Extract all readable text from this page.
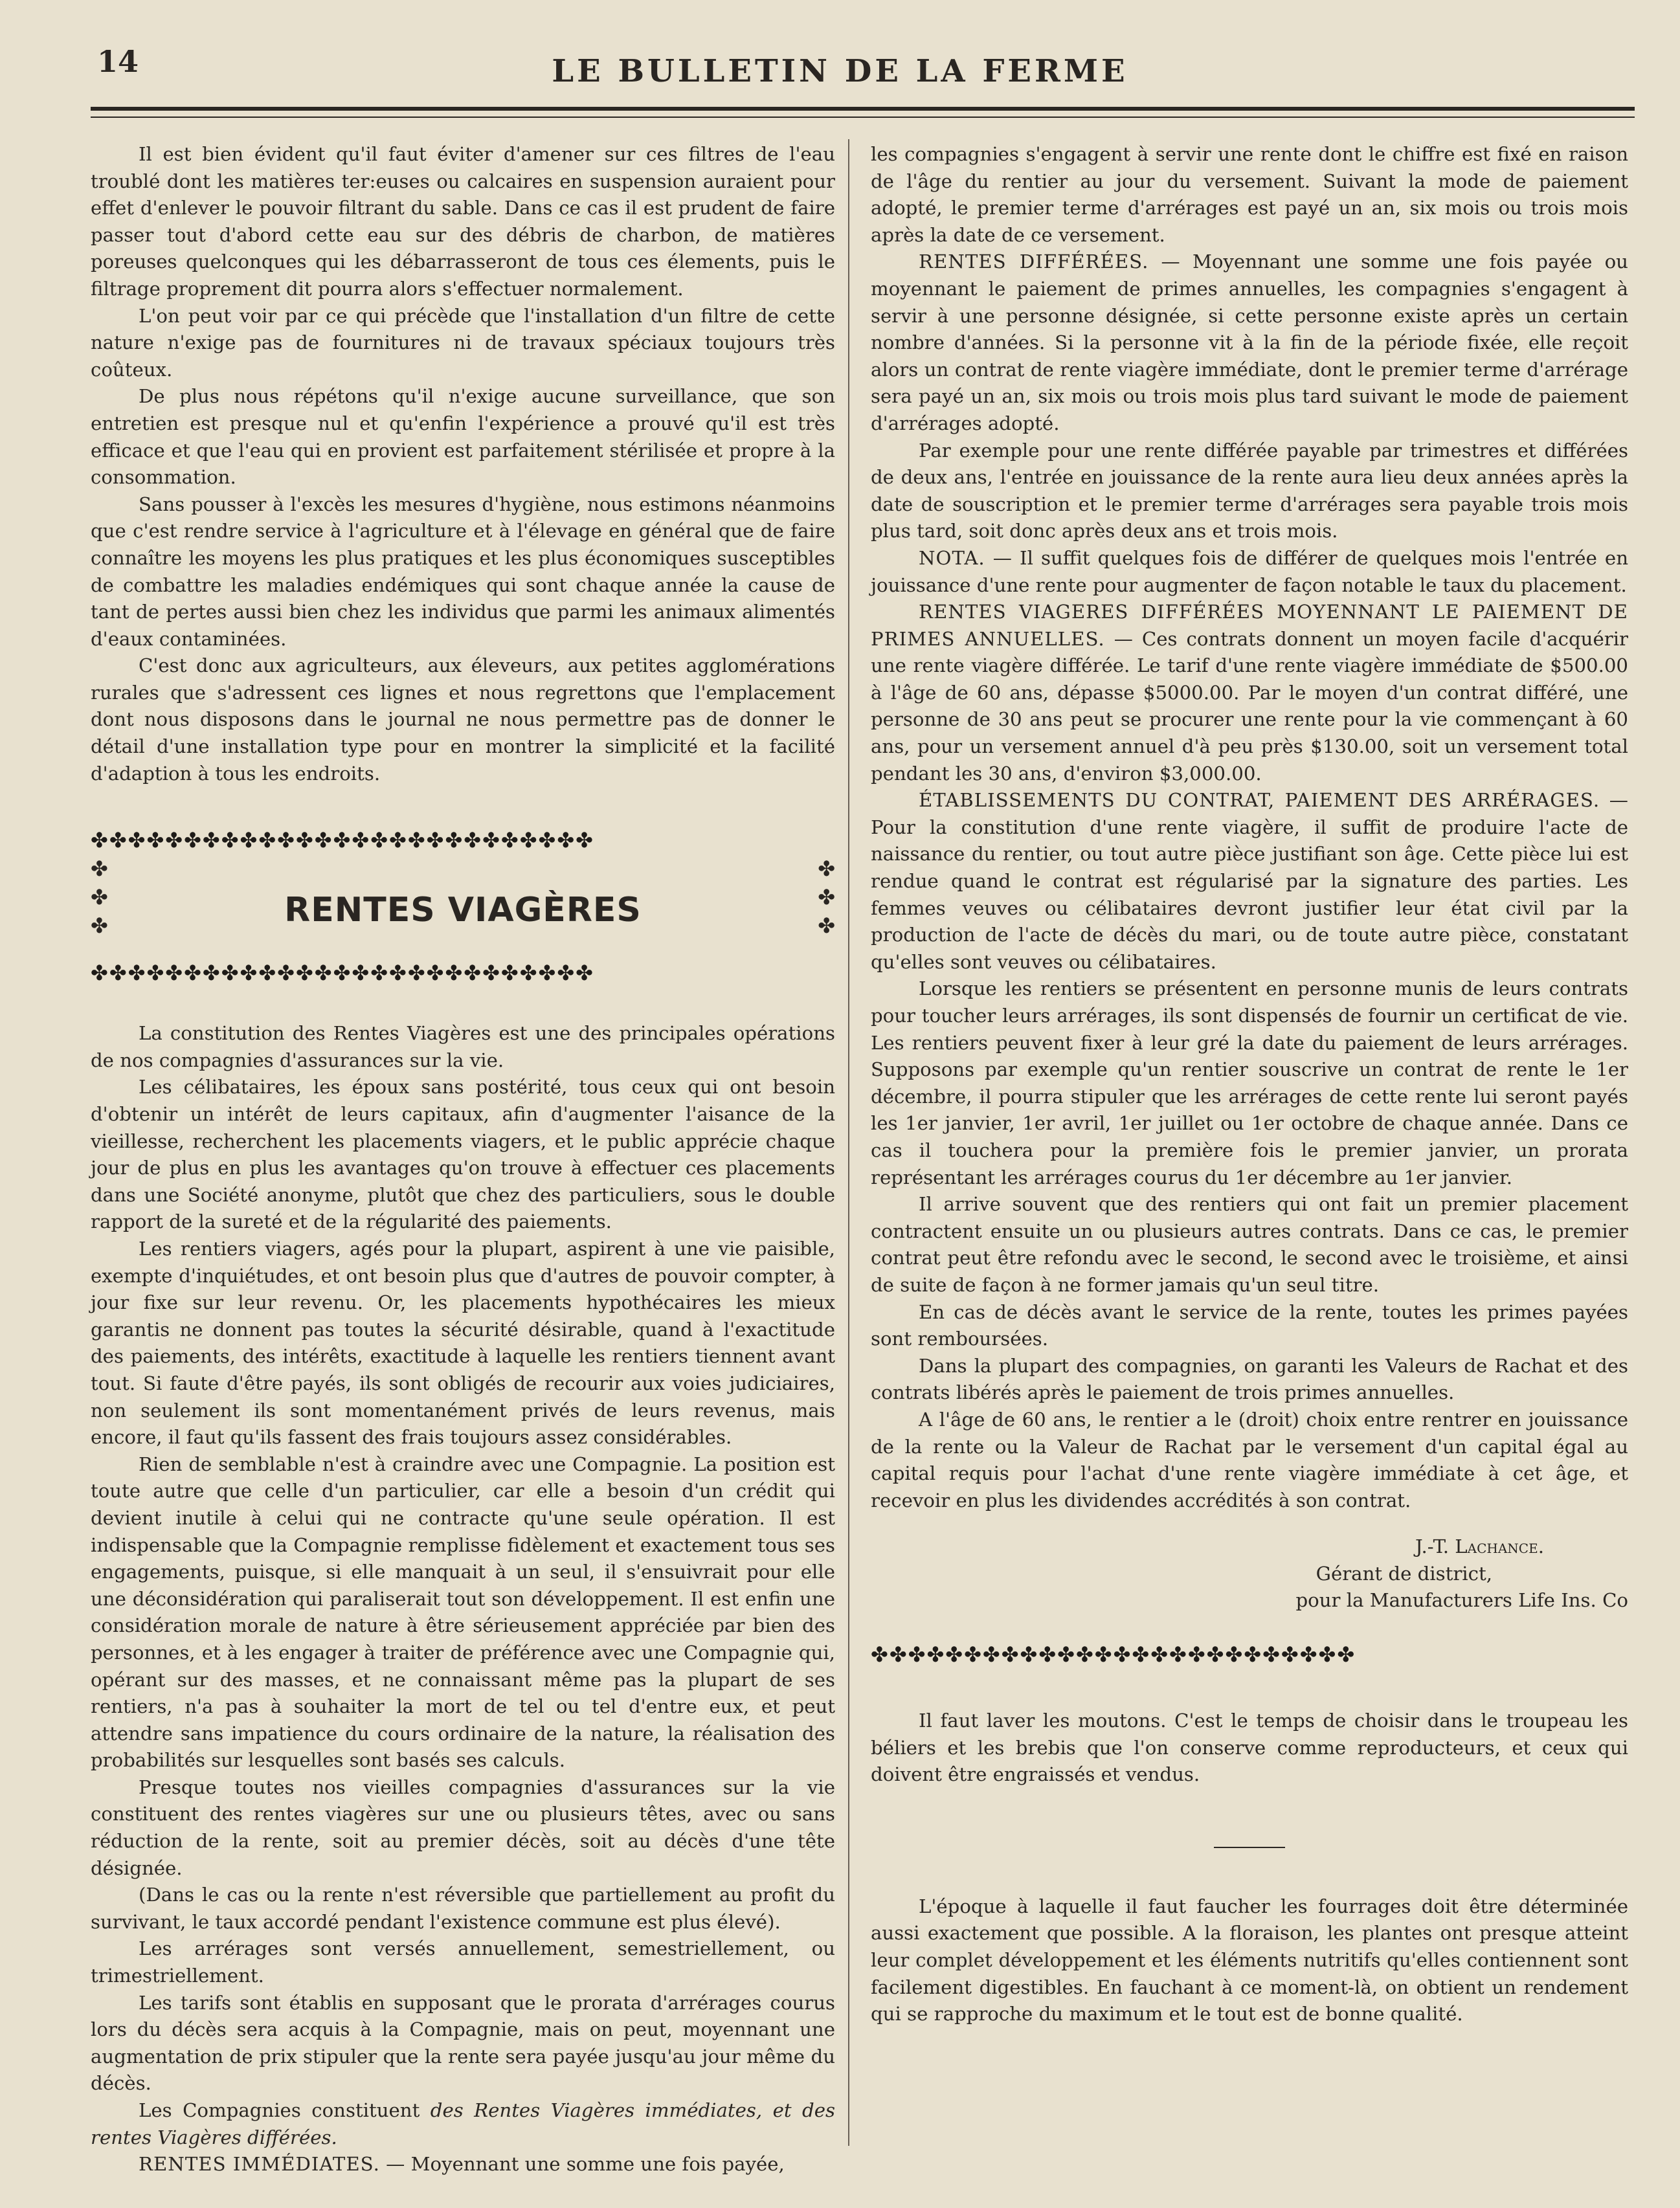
14	LE BULLETIN DE LA FERME

Il est bien évident qu'il faut éviter d'amener sur ces filtres de l'eau troublé dont les matières ter:euses ou calcaires en suspension auraient pour effet d'enlever le pouvoir filtrant du sable. Dans ce cas il est prudent de faire passer tout d'abord cette eau sur des débris de charbon, de matières poreuses quelconques qui les débarrasseront de tous ces élements, puis le filtrage proprement dit pourra alors s'effectuer normalement.

L'on peut voir par ce qui précède que l'installation d'un filtre de cette nature n'exige pas de fournitures ni de travaux spéciaux toujours très coûteux.

De plus nous répétons qu'il n'exige aucune surveillance, que son entretien est presque nul et qu'enfin l'expérience a prouvé qu'il est très efficace et que l'eau qui en provient est parfaitement stérilisée et propre à la consommation.

Sans pousser à l'excès les mesures d'hygiène, nous estimons néanmoins que c'est rendre service à l'agriculture et à l'élevage en général que de faire connaître les moyens les plus pratiques et les plus économiques susceptibles de combattre les maladies endémiques qui sont chaque année la cause de tant de pertes aussi bien chez les individus que parmi les animaux alimentés d'eaux contaminées.

C'est donc aux agriculteurs, aux éleveurs, aux petites agglomérations rurales que s'adressent ces lignes et nous regrettons que l'emplacement dont nous disposons dans le journal ne nous permettre pas de donner le détail d'une installation type pour en montrer la simplicité et la facilité d'adaption à tous les endroits.

✤✤✤✤✤✤✤✤✤✤✤✤✤✤✤✤✤✤✤✤✤✤✤✤✤✤✤
✤
✤
✤
✤
✤
✤
RENTES VIAGÈRES
✤✤✤✤✤✤✤✤✤✤✤✤✤✤✤✤✤✤✤✤✤✤✤✤✤✤✤

La constitution des Rentes Viagères est une des principales opérations de nos compagnies d'assurances sur la vie.

Les célibataires, les époux sans postérité, tous ceux qui ont besoin d'obtenir un intérêt de leurs capitaux, afin d'augmenter l'aisance de la vieillesse, recherchent les placements viagers, et le public apprécie chaque jour de plus en plus les avantages qu'on trouve à effectuer ces placements dans une Société anonyme, plutôt que chez des particuliers, sous le double rapport de la sureté et de la régularité des paiements.

Les rentiers viagers, agés pour la plupart, aspirent à une vie paisible, exempte d'inquiétudes, et ont besoin plus que d'autres de pouvoir compter, à jour fixe sur leur revenu. Or, les placements hypothécaires les mieux garantis ne donnent pas toutes la sécurité désirable, quand à l'exactitude des paiements, des intérêts, exactitude à laquelle les rentiers tiennent avant tout. Si faute d'être payés, ils sont obligés de recourir aux voies judiciaires, non seulement ils sont momentanément privés de leurs revenus, mais encore, il faut qu'ils fassent des frais toujours assez considérables.

Rien de semblable n'est à craindre avec une Compagnie. La position est toute autre que celle d'un particulier, car elle a besoin d'un crédit qui devient inutile à celui qui ne contracte qu'une seule opération. Il est indispensable que la Compagnie remplisse fidèlement et exactement tous ses engagements, puisque, si elle manquait à un seul, il s'ensuivrait pour elle une déconsidération qui paraliserait tout son développement. Il est enfin une considération morale de nature à être sérieusement appréciée par bien des personnes, et à les engager à traiter de préférence avec une Compagnie qui, opérant sur des masses, et ne connaissant même pas la plupart de ses rentiers, n'a pas à souhaiter la mort de tel ou tel d'entre eux, et peut attendre sans impatience du cours ordinaire de la nature, la réalisation des probabilités sur lesquelles sont basés ses calculs.

Presque toutes nos vieilles compagnies d'assurances sur la vie constituent des rentes viagères sur une ou plusieurs têtes, avec ou sans réduction de la rente, soit au premier décès, soit au décès d'une tête désignée.

(Dans le cas ou la rente n'est réversible que partiellement au profit du survivant, le taux accordé pendant l'existence commune est plus élevé).

Les arrérages sont versés annuellement, semestriellement, ou trimestriellement.

Les tarifs sont établis en supposant que le prorata d'arrérages courus lors du décès sera acquis à la Compagnie, mais on peut, moyennant une augmentation de prix stipuler que la rente sera payée jusqu'au jour même du décès.

Les Compagnies constituent des Rentes Viagères immédiates, et des rentes Viagères différées.

RENTES IMMÉDIATES. — Moyennant une somme une fois payée,

les compagnies s'engagent à servir une rente dont le chiffre est fixé en raison de l'âge du rentier au jour du versement. Suivant la mode de paiement adopté, le premier terme d'arrérages est payé un an, six mois ou trois mois après la date de ce versement.

RENTES DIFFÉRÉES. — Moyennant une somme une fois payée ou moyennant le paiement de primes annuelles, les compagnies s'engagent à servir à une personne désignée, si cette personne existe après un certain nombre d'années. Si la personne vit à la fin de la période fixée, elle reçoit alors un contrat de rente viagère immédiate, dont le premier terme d'arrérage sera payé un an, six mois ou trois mois plus tard suivant le mode de paiement d'arrérages adopté.

Par exemple pour une rente différée payable par trimestres et différées de deux ans, l'entrée en jouissance de la rente aura lieu deux années après la date de souscription et le premier terme d'arrérages sera payable trois mois plus tard, soit donc après deux ans et trois mois.

NOTA. — Il suffit quelques fois de différer de quelques mois l'entrée en jouissance d'une rente pour augmenter de façon notable le taux du placement.

RENTES VIAGERES DIFFÉRÉES MOYENNANT LE PAIEMENT DE PRIMES ANNUELLES. — Ces contrats donnent un moyen facile d'acquérir une rente viagère différée. Le tarif d'une rente viagère immédiate de $500.00 à l'âge de 60 ans, dépasse $5000.00. Par le moyen d'un contrat différé, une personne de 30 ans peut se procurer une rente pour la vie commençant à 60 ans, pour un versement annuel d'à peu près $130.00, soit un versement total pendant les 30 ans, d'environ $3,000.00.

ÉTABLISSEMENTS DU CONTRAT, PAIEMENT DES ARRÉRAGES. — Pour la constitution d'une rente viagère, il suffit de produire l'acte de naissance du rentier, ou tout autre pièce justifiant son âge. Cette pièce lui est rendue quand le contrat est régularisé par la signature des parties. Les femmes veuves ou célibataires devront justifier leur état civil par la production de l'acte de décès du mari, ou de toute autre pièce, constatant qu'elles sont veuves ou célibataires.

Lorsque les rentiers se présentent en personne munis de leurs contrats pour toucher leurs arrérages, ils sont dispensés de fournir un certificat de vie. Les rentiers peuvent fixer à leur gré la date du paiement de leurs arrérages. Supposons par exemple qu'un rentier souscrive un contrat de rente le 1er décembre, il pourra stipuler que les arrérages de cette rente lui seront payés les 1er janvier, 1er avril, 1er juillet ou 1er octobre de chaque année. Dans ce cas il touchera pour la première fois le premier janvier, un prorata représentant les arrérages courus du 1er décembre au 1er janvier.

Il arrive souvent que des rentiers qui ont fait un premier placement contractent ensuite un ou plusieurs autres contrats. Dans ce cas, le premier contrat peut être refondu avec le second, le second avec le troisième, et ainsi de suite de façon à ne former jamais qu'un seul titre.

En cas de décès avant le service de la rente, toutes les primes payées sont remboursées.

Dans la plupart des compagnies, on garanti les Valeurs de Rachat et des contrats libérés après le paiement de trois primes annuelles.

A l'âge de 60 ans, le rentier a le (droit) choix entre rentrer en jouissance de la rente ou la Valeur de Rachat par le versement d'un capital égal au capital requis pour l'achat d'une rente viagère immédiate à cet âge, et recevoir en plus les dividendes accrédités à son contrat.

J.-T. Lachance.
Gérant de district,
pour la Manufacturers Life Ins. Co
✤✤✤✤✤✤✤✤✤✤✤✤✤✤✤✤✤✤✤✤✤✤✤✤✤✤

Il faut laver les moutons. C'est le temps de choisir dans le troupeau les béliers et les brebis que l'on conserve comme reproducteurs, et ceux qui doivent être engraissés et vendus.

L'époque à laquelle il faut faucher les fourrages doit être déterminée aussi exactement que possible. A la floraison, les plantes ont presque atteint leur complet développement et les éléments nutritifs qu'elles contiennent sont facilement digestibles. En fauchant à ce moment-là, on obtient un rendement qui se rapproche du maximum et le tout est de bonne qualité.
